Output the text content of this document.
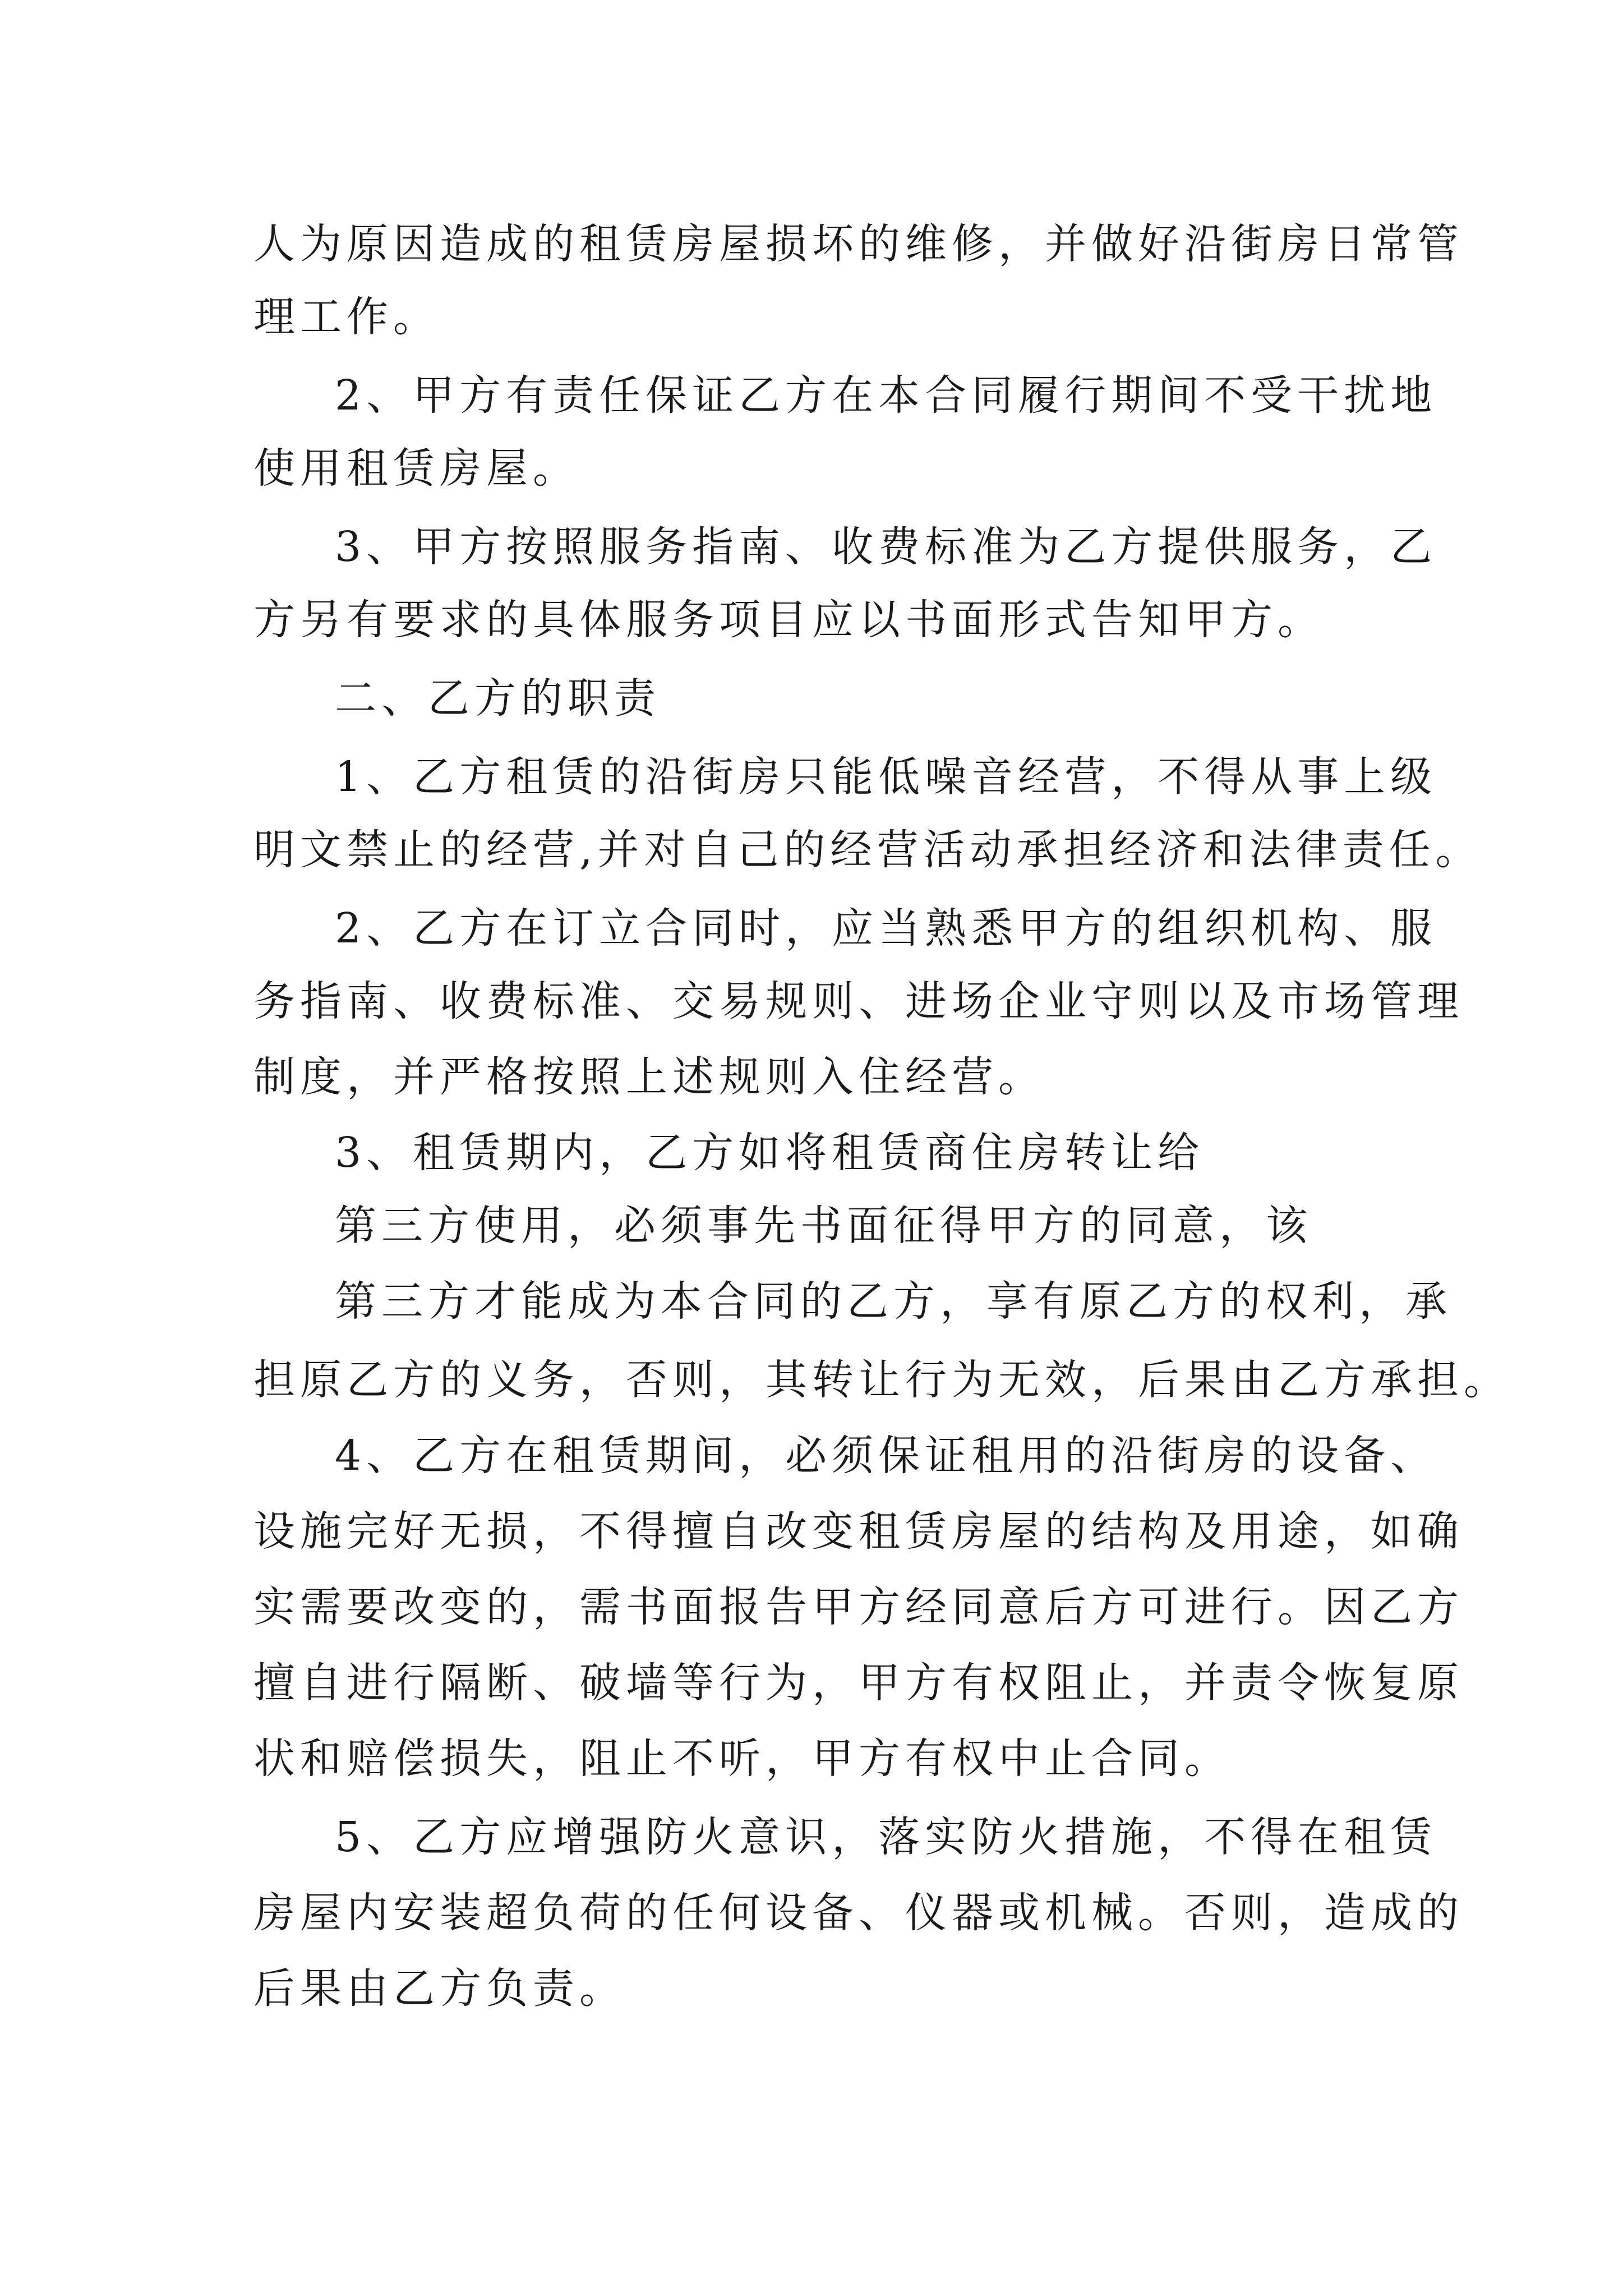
人为原因造成的租赁房屋损坏的维修，并做好沿街房日常管
理工作。
2、甲方有责任保证乙方在本合同履行期间不受干扰地
使用租赁房屋。
3、甲方按照服务指南、收费标准为乙方提供服务，乙
方另有要求的具体服务项目应以书面形式告知甲方。
二、乙方的职责
1、乙方租赁的沿街房只能低噪音经营，不得从事上级
明文禁止的经营,并对自己的经营活动承担经济和法律责任。
2、乙方在订立合同时，应当熟悉甲方的组织机构、服
务指南、收费标准、交易规则、进场企业守则以及市场管理
制度，并严格按照上述规则入住经营。
3、租赁期内，乙方如将租赁商住房转让给
第三方使用，必须事先书面征得甲方的同意，该
第三方才能成为本合同的乙方，享有原乙方的权利，承
担原乙方的义务，否则，其转让行为无效，后果由乙方承担。
4、乙方在租赁期间，必须保证租用的沿街房的设备、
设施完好无损，不得擅自改变租赁房屋的结构及用途，如确
实需要改变的，需书面报告甲方经同意后方可进行。因乙方
擅自进行隔断、破墙等行为，甲方有权阻止，并责令恢复原
状和赔偿损失，阻止不听，甲方有权中止合同。
5、乙方应增强防火意识，落实防火措施，不得在租赁
房屋内安装超负荷的任何设备、仪器或机械。否则，造成的
后果由乙方负责。
